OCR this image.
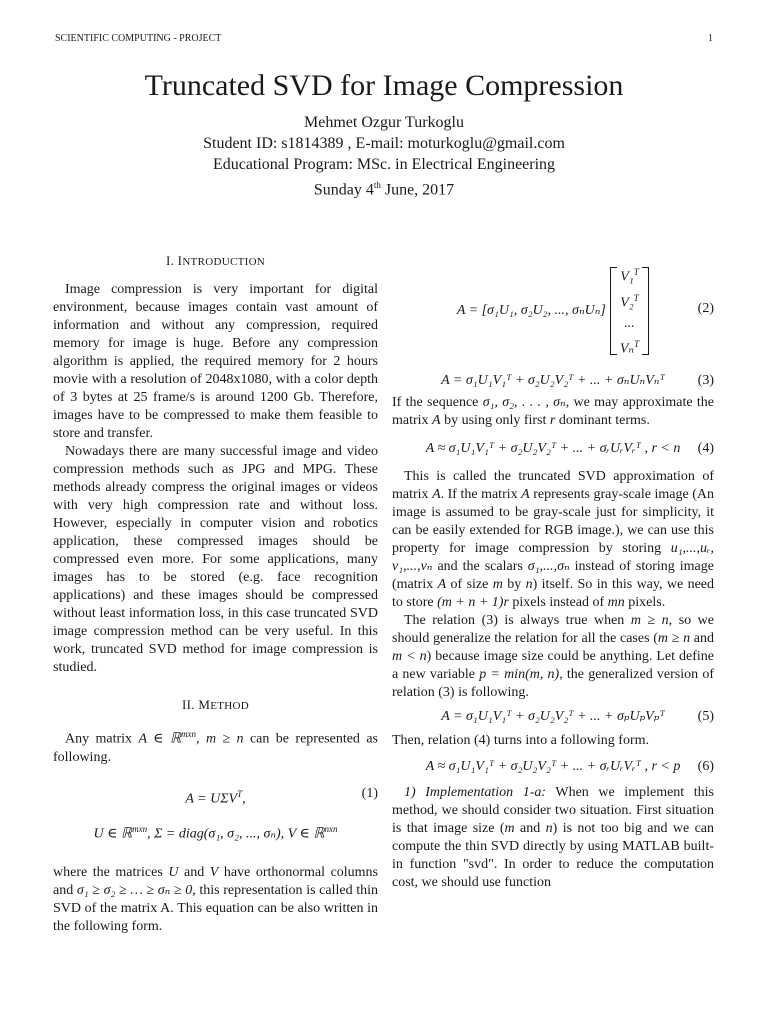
SCIENTIFIC COMPUTING - PROJECT	1
Truncated SVD for Image Compression
Mehmet Ozgur Turkoglu
Student ID: s1814389 , E-mail: moturkoglu@gmail.com
Educational Program: MSc. in Electrical Engineering
Sunday 4th June, 2017
I. INTRODUCTION

Image compression is very important for digital environment, because images contain vast amount of information and without any compression, required memory for image is huge. Before any compression algorithm is applied, the required memory for 2 hours movie with a resolution of 2048x1080, with a color depth of 3 bytes at 25 frame/s is around 1200 Gb. Therefore, images have to be compressed to make them feasible to store and transfer.

Nowadays there are many successful image and video compression methods such as JPG and MPG. These methods already compress the original images or videos with very high compression rate and without loss. However, especially in computer vision and robotics application, these compressed images should be compressed even more. For some applications, many images has to be stored (e.g. face recognition applications) and these images should be compressed without least information loss, in this case truncated SVD image compression method can be very useful. In this work, truncated SVD method for image compression is studied.

II. METHOD

Any matrix A ∈ ℝ$^{mxn}$, m ≥ n can be represented as following.

$A = U\Sigma V^T$,	(1)
U ∈ ℝ$^{mxn}$, Σ = diag(σ₁, σ₂, ..., σₙ), V ∈ ℝ$^{nxn}$

where the matrices U and V have orthonormal columns and σ₁ ≥ σ₂ ≥ … ≥ σₙ ≥ 0, this representation is called thin SVD of the matrix A. This equation can be also written in the following form.

A = [σ₁U₁, σ₂U₂, ..., σₙUₙ]
V₁$^T$
V₂$^T$
...
Vₙ$^T$
(2)
A = σ₁U₁V₁ᵀ + σ₂U₂V₂ᵀ + ... + σₙUₙVₙᵀ (3)

If the sequence σ₁, σ₂, . . . , σₙ, we may approximate the matrix A by using only first r dominant terms.

A ≈ σ₁U₁V₁ᵀ + σ₂U₂V₂ᵀ + ... + σᵣUᵣVᵣᵀ , r < n (4)

This is called the truncated SVD approximation of matrix A. If the matrix A represents gray-scale image (An image is assumed to be gray-scale just for simplicity, it can be easily extended for RGB image.), we can use this property for image compression by storing u₁,...,uᵣ, v₁,...,vₙ and the scalars σ₁,...,σₙ instead of storing image (matrix A of size m by n) itself. So in this way, we need to store (m + n + 1)r pixels instead of mn pixels.

The relation (3) is always true when m ≥ n, so we should generalize the relation for all the cases (m ≥ n and m < n) because image size could be anything. Let define a new variable p = min(m, n), the generalized version of relation (3) is following.

A = σ₁U₁V₁ᵀ + σ₂U₂V₂ᵀ + ... + σₚUₚVₚᵀ (5)

Then, relation (4) turns into a following form.

A ≈ σ₁U₁V₁ᵀ + σ₂U₂V₂ᵀ + ... + σᵣUᵣVᵣᵀ , r < p (6)

1) Implementation 1-a: When we implement this method, we should consider two situation. First situation is that image size (m and n) is not too big and we can compute the thin SVD directly by using MATLAB built-in function "svd". In order to reduce the computation cost, we should use function
